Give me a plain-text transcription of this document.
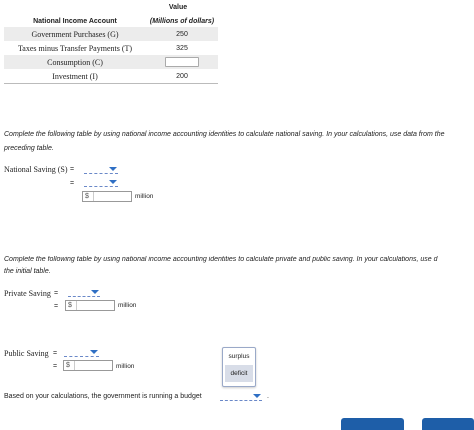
Value
National Income Account	(Millions of dollars)
Government Purchases (G)	250
Taxes minus Transfer Payments (T)	325
Consumption (C)
Investment (I)	200
Complete the following table by using national income accounting identities to calculate national saving. In your calculations, use data from the
preceding table.
National Saving (S) =
=
$	million
Complete the following table by using national income accounting identities to calculate private and public saving. In your calculations, use d
the initial table.
Private Saving =
= $	million
Public Saving =
= $	million
surplus
deficit
Based on your calculations, the government is running a budget	.
